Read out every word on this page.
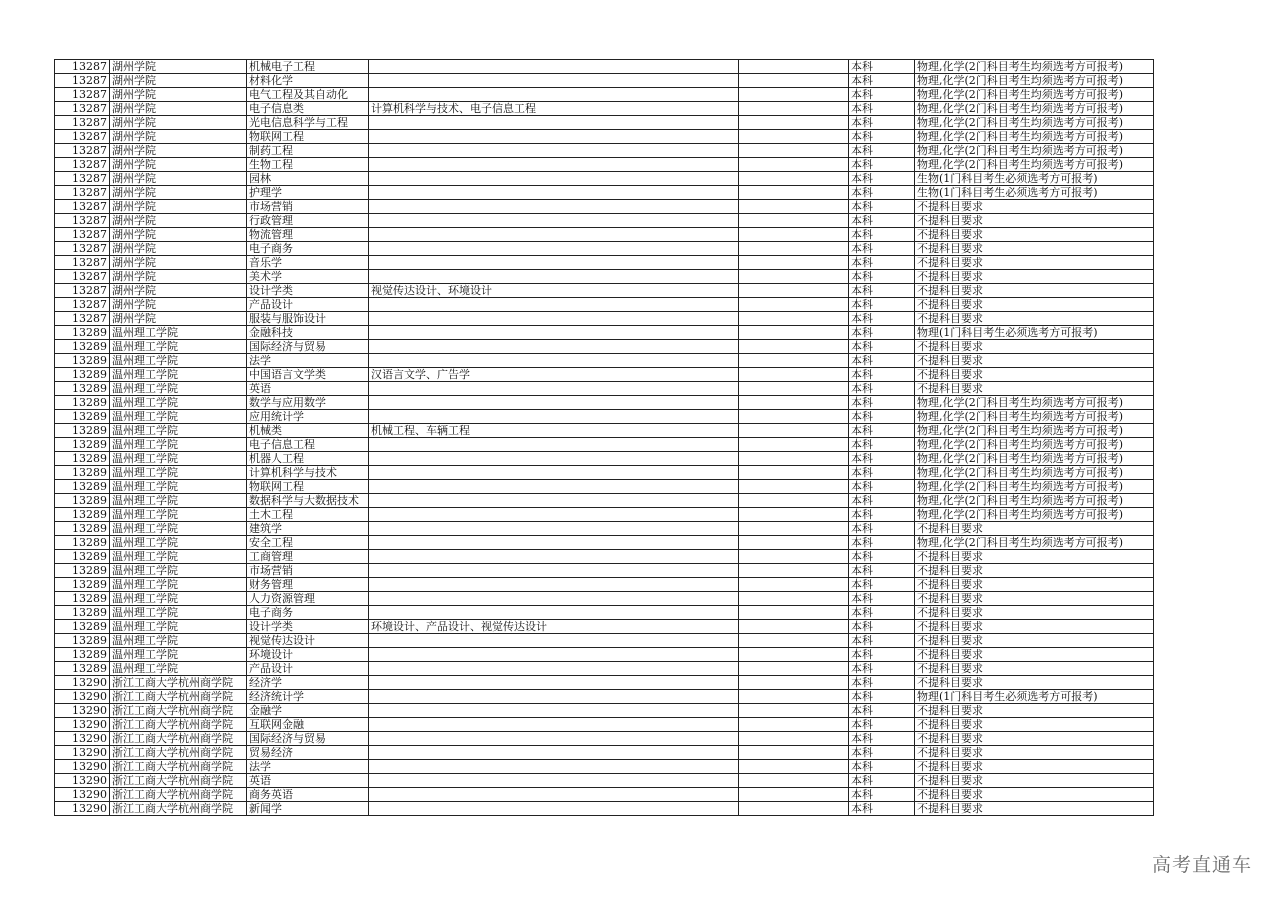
13287	湖州学院	机械电子工程			本科	物理,化学(2门科目考生均须选考方可报考)
13287	湖州学院	材料化学			本科	物理,化学(2门科目考生均须选考方可报考)
13287	湖州学院	电气工程及其自动化			本科	物理,化学(2门科目考生均须选考方可报考)
13287	湖州学院	电子信息类	计算机科学与技术、电子信息工程		本科	物理,化学(2门科目考生均须选考方可报考)
13287	湖州学院	光电信息科学与工程			本科	物理,化学(2门科目考生均须选考方可报考)
13287	湖州学院	物联网工程			本科	物理,化学(2门科目考生均须选考方可报考)
13287	湖州学院	制药工程			本科	物理,化学(2门科目考生均须选考方可报考)
13287	湖州学院	生物工程			本科	物理,化学(2门科目考生均须选考方可报考)
13287	湖州学院	园林			本科	生物(1门科目考生必须选考方可报考)
13287	湖州学院	护理学			本科	生物(1门科目考生必须选考方可报考)
13287	湖州学院	市场营销			本科	不提科目要求
13287	湖州学院	行政管理			本科	不提科目要求
13287	湖州学院	物流管理			本科	不提科目要求
13287	湖州学院	电子商务			本科	不提科目要求
13287	湖州学院	音乐学			本科	不提科目要求
13287	湖州学院	美术学			本科	不提科目要求
13287	湖州学院	设计学类	视觉传达设计、环境设计		本科	不提科目要求
13287	湖州学院	产品设计			本科	不提科目要求
13287	湖州学院	服装与服饰设计			本科	不提科目要求
13289	温州理工学院	金融科技			本科	物理(1门科目考生必须选考方可报考)
13289	温州理工学院	国际经济与贸易			本科	不提科目要求
13289	温州理工学院	法学			本科	不提科目要求
13289	温州理工学院	中国语言文学类	汉语言文学、广告学		本科	不提科目要求
13289	温州理工学院	英语			本科	不提科目要求
13289	温州理工学院	数学与应用数学			本科	物理,化学(2门科目考生均须选考方可报考)
13289	温州理工学院	应用统计学			本科	物理,化学(2门科目考生均须选考方可报考)
13289	温州理工学院	机械类	机械工程、车辆工程		本科	物理,化学(2门科目考生均须选考方可报考)
13289	温州理工学院	电子信息工程			本科	物理,化学(2门科目考生均须选考方可报考)
13289	温州理工学院	机器人工程			本科	物理,化学(2门科目考生均须选考方可报考)
13289	温州理工学院	计算机科学与技术			本科	物理,化学(2门科目考生均须选考方可报考)
13289	温州理工学院	物联网工程			本科	物理,化学(2门科目考生均须选考方可报考)
13289	温州理工学院	数据科学与大数据技术			本科	物理,化学(2门科目考生均须选考方可报考)
13289	温州理工学院	土木工程			本科	物理,化学(2门科目考生均须选考方可报考)
13289	温州理工学院	建筑学			本科	不提科目要求
13289	温州理工学院	安全工程			本科	物理,化学(2门科目考生均须选考方可报考)
13289	温州理工学院	工商管理			本科	不提科目要求
13289	温州理工学院	市场营销			本科	不提科目要求
13289	温州理工学院	财务管理			本科	不提科目要求
13289	温州理工学院	人力资源管理			本科	不提科目要求
13289	温州理工学院	电子商务			本科	不提科目要求
13289	温州理工学院	设计学类	环境设计、产品设计、视觉传达设计		本科	不提科目要求
13289	温州理工学院	视觉传达设计			本科	不提科目要求
13289	温州理工学院	环境设计			本科	不提科目要求
13289	温州理工学院	产品设计			本科	不提科目要求
13290	浙江工商大学杭州商学院	经济学			本科	不提科目要求
13290	浙江工商大学杭州商学院	经济统计学			本科	物理(1门科目考生必须选考方可报考)
13290	浙江工商大学杭州商学院	金融学			本科	不提科目要求
13290	浙江工商大学杭州商学院	互联网金融			本科	不提科目要求
13290	浙江工商大学杭州商学院	国际经济与贸易			本科	不提科目要求
13290	浙江工商大学杭州商学院	贸易经济			本科	不提科目要求
13290	浙江工商大学杭州商学院	法学			本科	不提科目要求
13290	浙江工商大学杭州商学院	英语			本科	不提科目要求
13290	浙江工商大学杭州商学院	商务英语			本科	不提科目要求
13290	浙江工商大学杭州商学院	新闻学			本科	不提科目要求
高考直通车
